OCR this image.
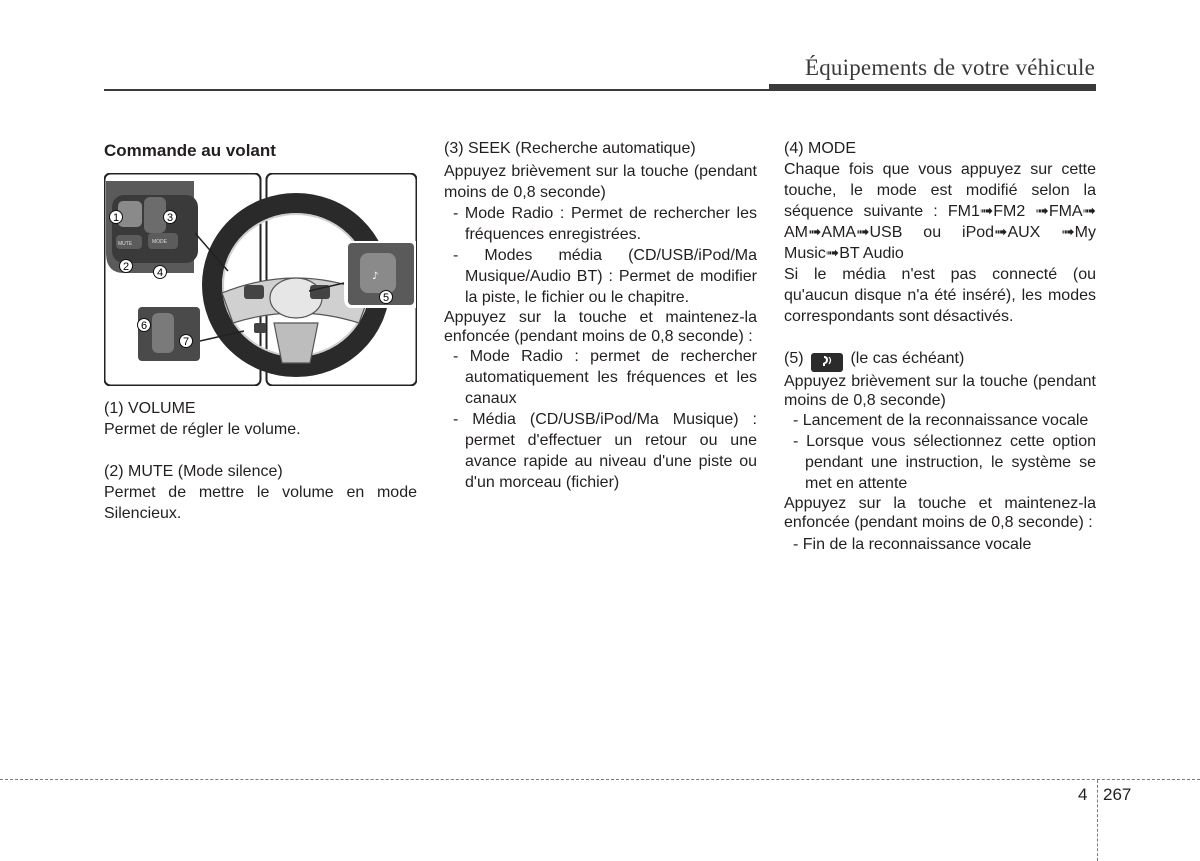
Équipements de votre véhicule

Commande au volant

MUTE	MODE
♪
1
2
3
4
5
6
7

(1) VOLUME

Permet de régler le volume.

(2) MUTE (Mode silence)

Permet de mettre le volume en mode Silencieux.

(3) SEEK (Recherche automatique)

Appuyez brièvement sur la touche (pendant moins de 0,8 seconde)

- Mode Radio : Permet de rechercher les fréquences enregistrées.

- Modes média (CD/USB/iPod/Ma Musique/Audio BT) : Permet de modifier la piste, le fichier ou le chapitre.

Appuyez sur la touche et maintenez-la enfoncée (pendant moins de 0,8 seconde) :

- Mode Radio : permet de rechercher automatiquement les fréquences et les canaux

- Média (CD/USB/iPod/Ma Musique) : permet d'effectuer un retour ou une avance rapide au niveau d'une piste ou d'un morceau (fichier)

(4) MODE

Chaque fois que vous appuyez sur cette touche, le mode est modifié selon la séquence suivante : FM1➟FM2 ➟FMA➟ AM➟AMA➟USB ou iPod➟AUX ➟My Music➟BT Audio

Si le média n'est pas connecté (ou qu'aucun disque n'a été inséré), les modes correspondants sont désactivés.

(5)	(le cas échéant)

Appuyez brièvement sur la touche (pendant moins de 0,8 seconde)

- Lancement de la reconnaissance vocale

- Lorsque vous sélectionnez cette option pendant une instruction, le système se met en attente

Appuyez sur la touche et maintenez-la enfoncée (pendant moins de 0,8 seconde) :

- Fin de la reconnaissance vocale

4 267
